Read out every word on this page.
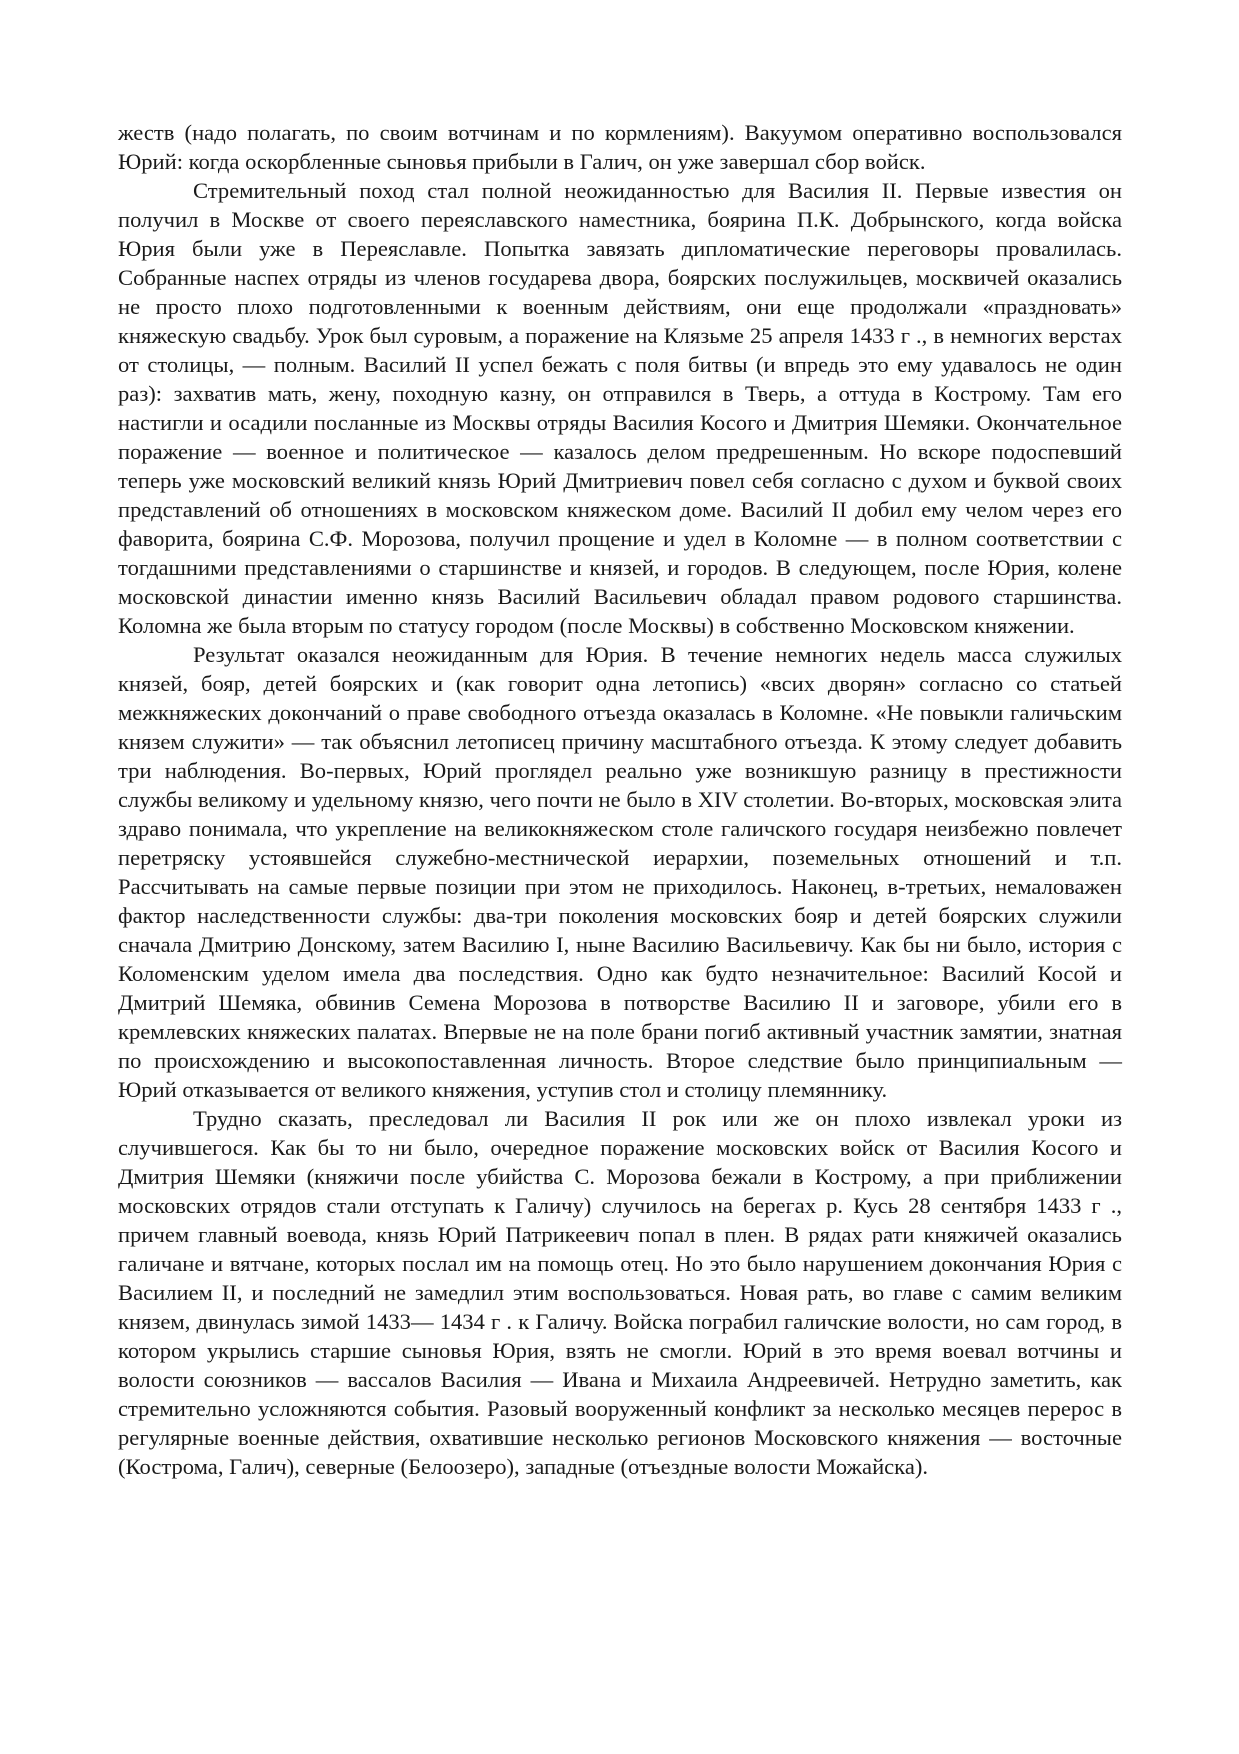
жеств (надо полагать, по своим вотчинам и по кормлениям). Вакуумом оперативно воспользовался Юрий: когда оскорбленные сыновья прибыли в Галич, он уже завершал сбор войск.

Стремительный поход стал полной неожиданностью для Василия II. Первые известия он получил в Москве от своего переяславского наместника, боярина П.К. Добрынского, когда войска Юрия были уже в Переяславле. Попытка завязать дипломатические переговоры провалилась. Собранные наспех отряды из членов государева двора, боярских послужильцев, москвичей оказались не просто плохо подготовленными к военным действиям, они еще продолжали «праздновать» княжескую свадьбу. Урок был суровым, а поражение на Клязьме 25 апреля 1433 г ., в немногих верстах от столицы, — полным. Василий II успел бежать с поля битвы (и впредь это ему удавалось не один раз): захватив мать, жену, походную казну, он отправился в Тверь, а оттуда в Кострому. Там его настигли и осадили посланные из Москвы отряды Василия Косого и Дмитрия Шемяки. Окончательное поражение — военное и политическое — казалось делом предрешенным. Но вскоре подоспевший теперь уже московский великий князь Юрий Дмитриевич повел себя согласно с духом и буквой своих представлений об отношениях в московском княжеском доме. Василий II добил ему челом через его фаворита, боярина С.Ф. Морозова, получил прощение и удел в Коломне — в полном соответствии с тогдашними представлениями о старшинстве и князей, и городов. В следующем, после Юрия, колене московской династии именно князь Василий Васильевич обладал правом родового старшинства. Коломна же была вторым по статусу городом (после Москвы) в собственно Московском княжении.

Результат оказался неожиданным для Юрия. В течение немногих недель масса служилых князей, бояр, детей боярских и (как говорит одна летопись) «всих дворян» согласно со статьей межкняжеских докончаний о праве свободного отъезда оказалась в Коломне. «Не повыкли галичьским князем служити» — так объяснил летописец причину масштабного отъезда. К этому следует добавить три наблюдения. Во-первых, Юрий проглядел реально уже возникшую разницу в престижности службы великому и удельному князю, чего почти не было в XIV столетии. Во-вторых, московская элита здраво понимала, что укрепление на великокняжеском столе галичского государя неизбежно повлечет перетряску устоявшейся служебно-местнической иерархии, поземельных отношений и т.п. Рассчитывать на самые первые позиции при этом не приходилось. Наконец, в-третьих, немаловажен фактор наследственности службы: два-три поколения московских бояр и детей боярских служили сначала Дмитрию Донскому, затем Василию I, ныне Василию Васильевичу. Как бы ни было, история с Коломенским уделом имела два последствия. Одно как будто незначительное: Василий Косой и Дмитрий Шемяка, обвинив Семена Морозова в потворстве Василию II и заговоре, убили его в кремлевских княжеских палатах. Впервые не на поле брани погиб активный участник замятии, знатная по происхождению и высокопоставленная личность. Второе следствие было принципиальным — Юрий отказывается от великого княжения, уступив стол и столицу племяннику.

Трудно сказать, преследовал ли Василия II рок или же он плохо извлекал уроки из случившегося. Как бы то ни было, очередное поражение московских войск от Василия Косого и Дмитрия Шемяки (княжичи после убийства С. Морозова бежали в Кострому, а при приближении московских отрядов стали отступать к Галичу) случилось на берегах р. Кусь 28 сентября 1433 г ., причем главный воевода, князь Юрий Патрикеевич попал в плен. В рядах рати княжичей оказались галичане и вятчане, которых послал им на помощь отец. Но это было нарушением докончания Юрия с Василием II, и последний не замедлил этим воспользоваться. Новая рать, во главе с самим великим князем, двинулась зимой 1433— 1434 г . к Галичу. Войска пограбил галичские волости, но сам город, в котором укрылись старшие сыновья Юрия, взять не смогли. Юрий в это время воевал вотчины и волости союзников — вассалов Василия — Ивана и Михаила Андреевичей. Нетрудно заметить, как стремительно усложняются события. Разовый вооруженный конфликт за несколько месяцев перерос в регулярные военные действия, охватившие несколько регионов Московского княжения — восточные (Кострома, Галич), северные (Белоозеро), западные (отъездные волости Можайска).
